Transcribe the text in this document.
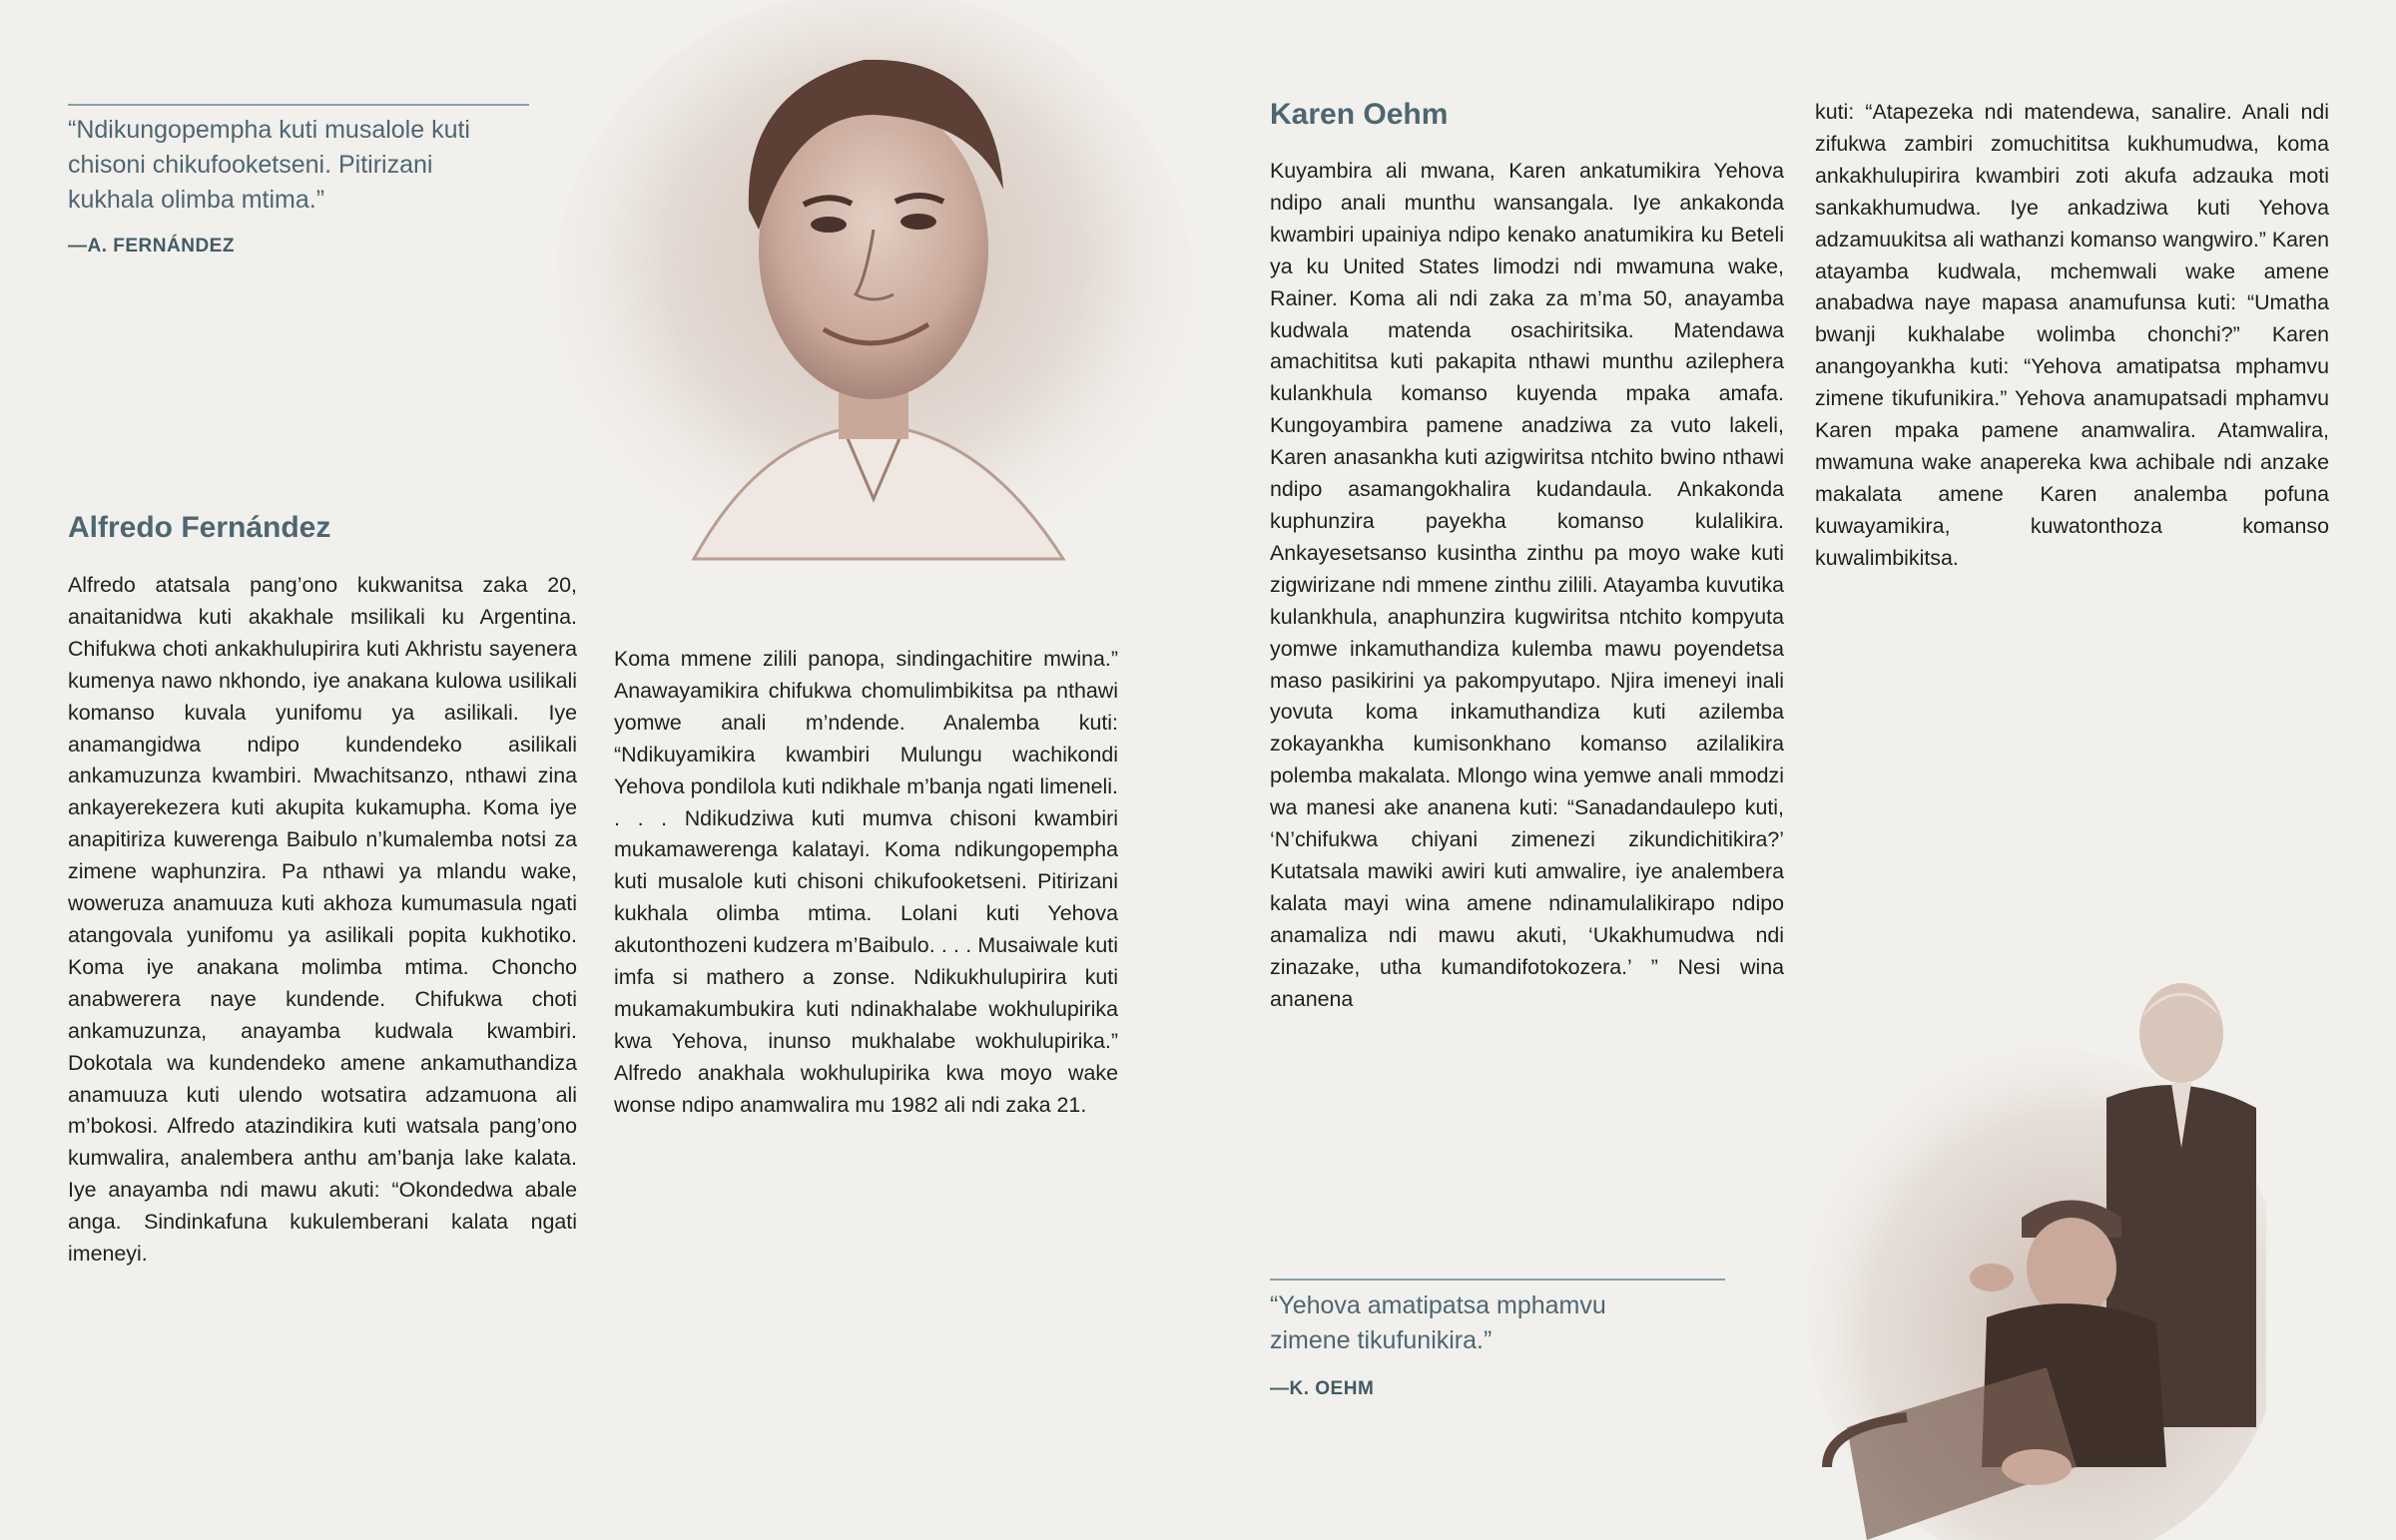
“Ndikungopempha kuti musalole kuti chisoni chikufooketseni. Pitirizani kukhala olimba mtima.”
—A. FERNÁNDEZ
Alfredo Fernández

Alfredo atatsala pang’ono kukwanitsa zaka 20, anaitanidwa kuti akakhale msilikali ku Argentina. Chifukwa choti ankakhulupirira kuti Akhristu sayenera kumenya nawo nkhondo, iye anakana kulowa usilikali komanso kuvala yunifomu ya asilikali. Iye anamangidwa ndipo kundendeko asilikali ankamuzunza kwambiri. Mwachitsanzo, nthawi zina ankayerekezera kuti akupita kukamupha. Koma iye anapitiriza kuwerenga Baibulo n’kumalemba notsi za zimene waphunzira. Pa nthawi ya mlandu wake, woweruza anamuuza kuti akhoza kumumasula ngati atangovala yunifomu ya asilikali popita kukhotiko. Koma iye anakana molimba mtima. Choncho anabwerera naye kundende. Chifukwa choti ankamuzunza, anayamba kudwala kwambiri. Dokotala wa kundendeko amene ankamuthandiza anamuuza kuti ulendo wotsatira adzamuona ali m’bokosi. Alfredo atazindikira kuti watsala pang’ono kumwalira, analembera anthu am’banja lake kalata. Iye anayamba ndi mawu akuti: “Okondedwa abale anga. Sindinkafuna kukulemberani kalata ngati imeneyi.

Koma mmene zilili panopa, sindingachitire mwina.” Anawayamikira chifukwa chomulimbikitsa pa nthawi yomwe anali m’ndende. Analemba kuti: “Ndikuyamikira kwambiri Mulungu wachikondi Yehova pondilola kuti ndikhale m’banja ngati limeneli. . . . Ndikudziwa kuti mumva chisoni kwambiri mukamawerenga kalatayi. Koma ndikungopempha kuti musalole kuti chisoni chikufooketseni. Pitirizani kukhala olimba mtima. Lolani kuti Yehova akutonthozeni kudzera m’Baibulo. . . . Musaiwale kuti imfa si mathero a zonse. Ndikukhulupirira kuti mukamakumbukira kuti ndinakhalabe wokhulupirika kwa Yehova, inunso mukhalabe wokhulupirika.” Alfredo anakhala wokhulupirika kwa moyo wake wonse ndipo anamwalira mu 1982 ali ndi zaka 21.

Karen Oehm

Kuyambira ali mwana, Karen ankatumikira Yehova ndipo anali munthu wansangala. Iye ankakonda kwambiri upainiya ndipo kenako anatumikira ku Beteli ya ku United States limodzi ndi mwamuna wake, Rainer. Koma ali ndi zaka za m’ma 50, anayamba kudwala matenda osachiritsika. Matendawa amachititsa kuti pakapita nthawi munthu azilephera kulankhula komanso kuyenda mpaka amafa. Kungoyambira pamene anadziwa za vuto lakeli, Karen anasankha kuti azigwiritsa ntchito bwino nthawi ndipo asamangokhalira kudandaula. Ankakonda kuphunzira payekha komanso kulalikira. Ankayesetsanso kusintha zinthu pa moyo wake kuti zigwirizane ndi mmene zinthu zilili. Atayamba kuvutika kulankhula, anaphunzira kugwiritsa ntchito kompyuta yomwe inkamuthandiza kulemba mawu poyendetsa maso pasikirini ya pakompyutapo. Njira imeneyi inali yovuta koma inkamuthandiza kuti azilemba zokayankha kumisonkhano komanso azilalikira polemba makalata. Mlongo wina yemwe anali mmodzi wa manesi ake ananena kuti: “Sanadandaulepo kuti, ‘N’chifukwa chiyani zimenezi zikundichitikira?’ Kutatsala mawiki awiri kuti amwalire, iye analembera kalata mayi wina amene ndinamulalikirapo ndipo anamaliza ndi mawu akuti, ‘Ukakhumudwa ndi zinazake, utha kumandifotokozera.’ ” Nesi wina ananena

kuti: “Atapezeka ndi matendewa, sanalire. Anali ndi zifukwa zambiri zomuchititsa kukhumudwa, koma ankakhulupirira kwambiri zoti akufa adzauka moti sankakhumudwa. Iye ankadziwa kuti Yehova adzamuukitsa ali wathanzi komanso wangwiro.” Karen atayamba kudwala, mchemwali wake amene anabadwa naye mapasa anamufunsa kuti: “Umatha bwanji kukhalabe wolimba chonchi?” Karen anangoyankha kuti: “Yehova amatipatsa mphamvu zimene tikufunikira.” Yehova anamupatsadi mphamvu Karen mpaka pamene anamwalira. Atamwalira, mwamuna wake anapereka kwa achibale ndi anzake makalata amene Karen analemba pofuna kuwayamikira, kuwatonthoza komanso kuwalimbikitsa.

“Yehova amatipatsa mphamvu zimene tikufunikira.”
—K. OEHM
